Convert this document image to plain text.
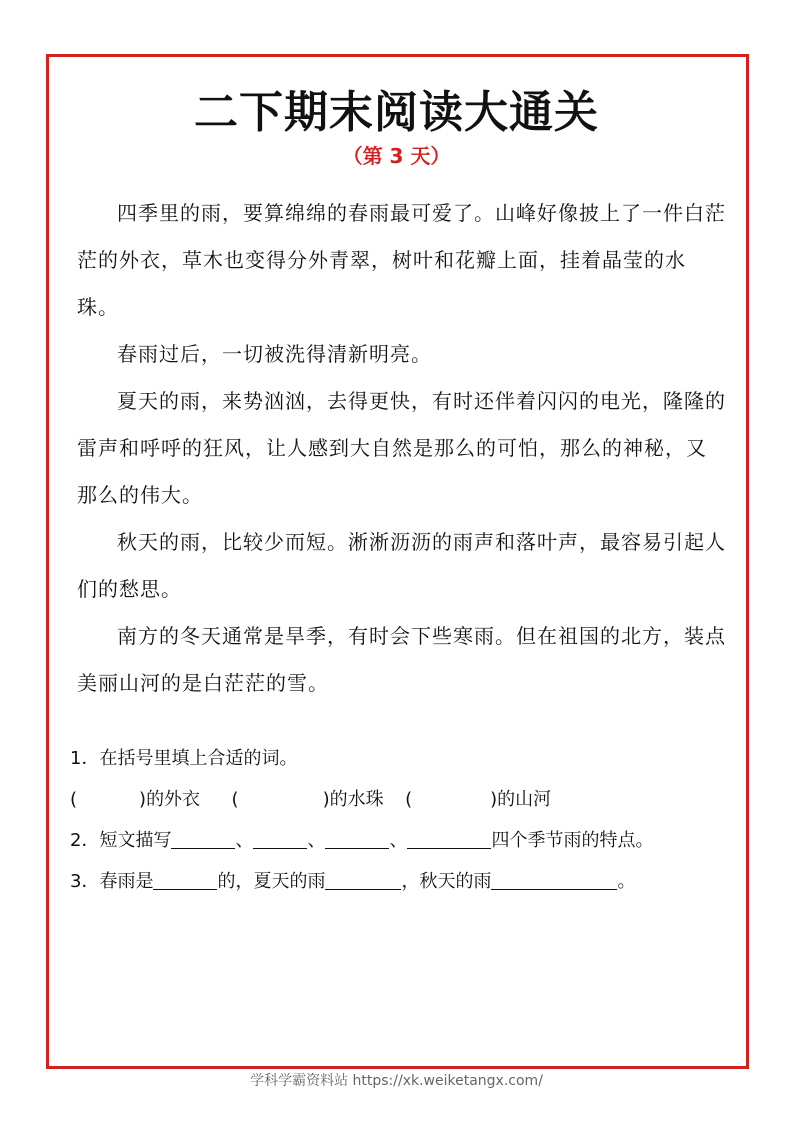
二下期末阅读大通关
（第 3 天）

四季里的雨，要算绵绵的春雨最可爱了。山峰好像披上了一件白茫茫的外衣，草木也变得分外青翠，树叶和花瓣上面，挂着晶莹的水珠。

春雨过后，一切被洗得清新明亮。

夏天的雨，来势汹汹，去得更快，有时还伴着闪闪的电光，隆隆的雷声和呼呼的狂风，让人感到大自然是那么的可怕，那么的神秘，又那么的伟大。

秋天的雨，比较少而短。淅淅沥沥的雨声和落叶声，最容易引起人们的愁思。

南方的冬天通常是旱季，有时会下些寒雨。但在祖国的北方，装点美丽山河的是白茫茫的雪。

1．在括号里填上合适的词。
(	)的外衣 (	)的水珠 (	)的山河
2．短文描写	、	、	、	四个季节雨的特点。
3．春雨是	的，夏天的雨	，秋天的雨	。
学科学霸资料站 https://xk.weiketangx.com/
